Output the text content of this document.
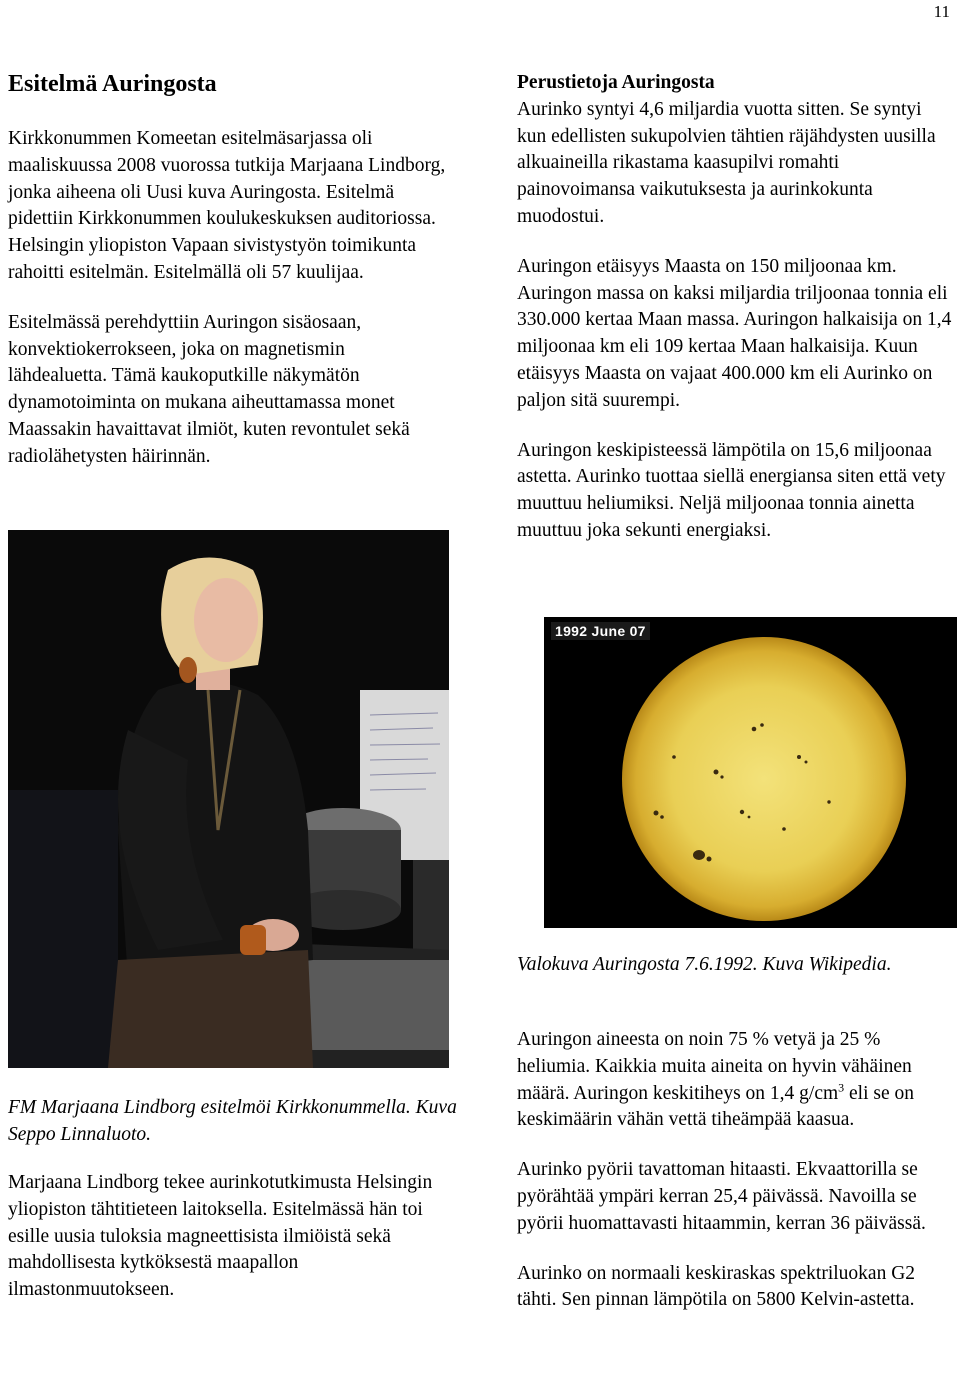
11
Esitelmä Auringosta

Kirkkonummen Komeetan esitelmäsarjassa oli maaliskuussa 2008 vuorossa tutkija Marjaana Lindborg, jonka aiheena oli Uusi kuva Auringosta. Esitelmä pidettiin Kirkkonummen koulukeskuksen auditoriossa. Helsingin yliopiston Vapaan sivistystyön toimikunta rahoitti esitelmän. Esitelmällä oli 57 kuulijaa.

Esitelmässä perehdyttiin Auringon sisäosaan, konvektiokerrokseen, joka on magnetismin lähdealuetta. Tämä kaukoputkille näkymätön dynamotoiminta on mukana aiheuttamassa monet Maassakin havaittavat ilmiöt, kuten revontulet sekä radiolähetysten häirinnän.

FM Marjaana Lindborg esitelmöi Kirkkonummella. Kuva Seppo Linnaluoto.

Marjaana Lindborg tekee aurinkotutkimusta Helsingin yliopiston tähtitieteen laitoksella. Esitelmässä hän toi esille uusia tuloksia magneettisista ilmiöistä sekä mahdollisesta kytköksestä maapallon ilmastonmuutokseen.

Perustietoja Auringosta

Aurinko syntyi 4,6 miljardia vuotta sitten. Se syntyi kun edellisten sukupolvien tähtien räjähdysten uusilla alkuaineilla rikastama kaasupilvi romahti painovoimansa vaikutuksesta ja aurinkokunta muodostui.

Auringon etäisyys Maasta on 150 miljoonaa km. Auringon massa on kaksi miljardia triljoonaa tonnia eli 330.000 kertaa Maan massa. Auringon halkaisija on 1,4 miljoonaa km eli 109 kertaa Maan halkaisija. Kuun etäisyys Maasta on vajaat 400.000 km eli Aurinko on paljon sitä suurempi.

Auringon keskipisteessä lämpötila on 15,6 miljoonaa astetta. Aurinko tuottaa siellä energiansa siten että vety muuttuu heliumiksi. Neljä miljoonaa tonnia ainetta muuttuu joka sekunti energiaksi.

1992 June 07

Valokuva Auringosta 7.6.1992. Kuva Wikipedia.

Auringon aineesta on noin 75 % vetyä ja 25 % heliumia. Kaikkia muita aineita on hyvin vähäinen määrä. Auringon keskitiheys on 1,4 $g/cm^3$ eli se on keskimäärin vähän vettä tiheämpää kaasua.

Aurinko pyörii tavattoman hitaasti. Ekvaattorilla se pyörähtää ympäri kerran 25,4 päivässä. Navoilla se pyörii huomattavasti hitaammin, kerran 36 päivässä.

Aurinko on normaali keskiraskas spektriluokan G2 tähti. Sen pinnan lämpötila on 5800 Kelvin-astetta.
